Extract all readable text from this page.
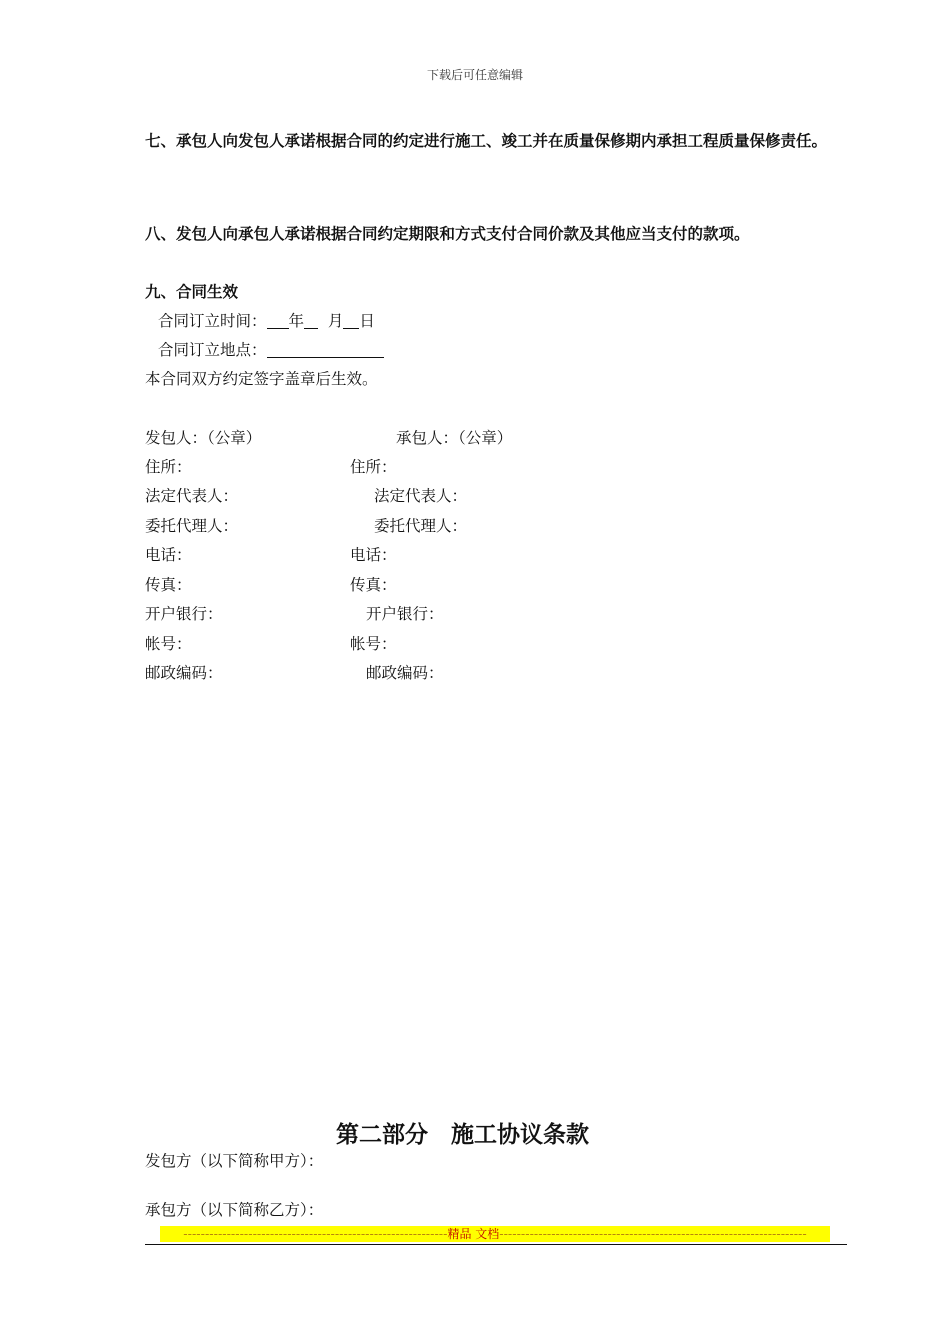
下载后可任意编辑
七、承包人向发包人承诺根据合同的约定进行施工、竣工并在质量保修期内承担工程质量保修责任。
八、发包人向承包人承诺根据合同约定期限和方式支付合同价款及其他应当支付的款项。
九、合同生效
合同订立时间： 年 月 日
合同订立地点：
本合同双方约定签字盖章后生效。
发包人：（公章）
住所：
法定代表人：
委托代理人：
电话：
传真：
开户银行：
帐号：
邮政编码：
承包人：（公章）
住所：
法定代表人：
委托代理人：
电话：
传真：
开户银行：
帐号：
邮政编码：
第二部分　施工协议条款
发包方（以下简称甲方）：
承包方（以下简称乙方）：
-------------------------------------------------------------精品 文档-----------------------------------------------------------------------
